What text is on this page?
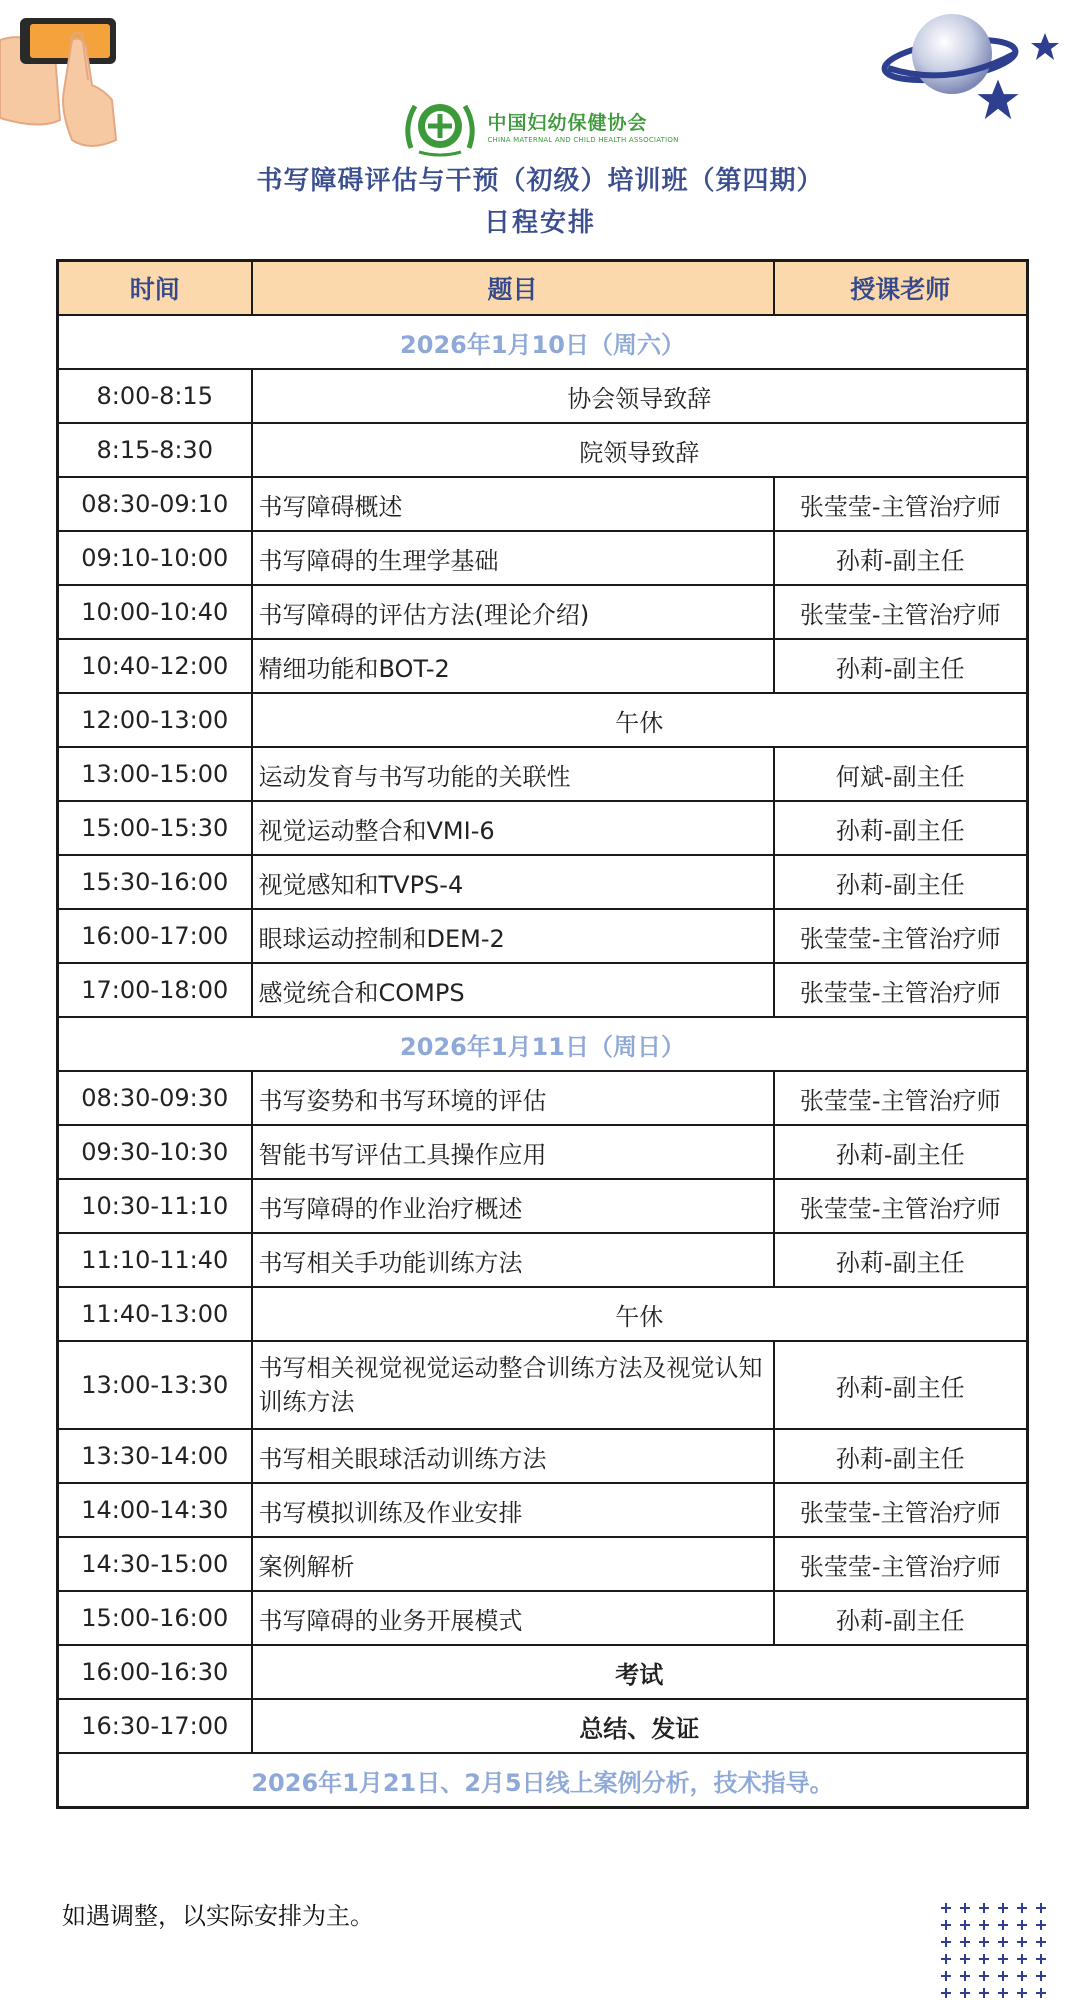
中国妇幼保健协会
CHINA MATERNAL AND CHILD HEALTH ASSOCIATION
书写障碍评估与干预（初级）培训班（第四期）
日程安排
时间	题目	授课老师
2026年1月10日（周六）		
8:00-8:15	协会领导致辞	
8:15-8:30	院领导致辞	
08:30-09:10	书写障碍概述	张莹莹-主管治疗师
09:10-10:00	书写障碍的生理学基础	孙莉-副主任
10:00-10:40	书写障碍的评估方法(理论介绍)	张莹莹-主管治疗师
10:40-12:00	精细功能和BOT-2	孙莉-副主任
12:00-13:00	午休	
13:00-15:00	运动发育与书写功能的关联性	何斌-副主任
15:00-15:30	视觉运动整合和VMI-6	孙莉-副主任
15:30-16:00	视觉感知和TVPS-4	孙莉-副主任
16:00-17:00	眼球运动控制和DEM-2	张莹莹-主管治疗师
17:00-18:00	感觉统合和COMPS	张莹莹-主管治疗师
2026年1月11日（周日）		
08:30-09:30	书写姿势和书写环境的评估	张莹莹-主管治疗师
09:30-10:30	智能书写评估工具操作应用	孙莉-副主任
10:30-11:10	书写障碍的作业治疗概述	张莹莹-主管治疗师
11:10-11:40	书写相关手功能训练方法	孙莉-副主任
11:40-13:00	午休	
13:00-13:30	书写相关视觉视觉运动整合训练方法及视觉认知训练方法	孙莉-副主任
13:30-14:00	书写相关眼球活动训练方法	孙莉-副主任
14:00-14:30	书写模拟训练及作业安排	张莹莹-主管治疗师
14:30-15:00	案例解析	张莹莹-主管治疗师
15:00-16:00	书写障碍的业务开展模式	孙莉-副主任
16:00-16:30	考试	
16:30-17:00	总结、发证	
2026年1月21日、2月5日线上案例分析，技术指导。		
如遇调整，以实际安排为主。
